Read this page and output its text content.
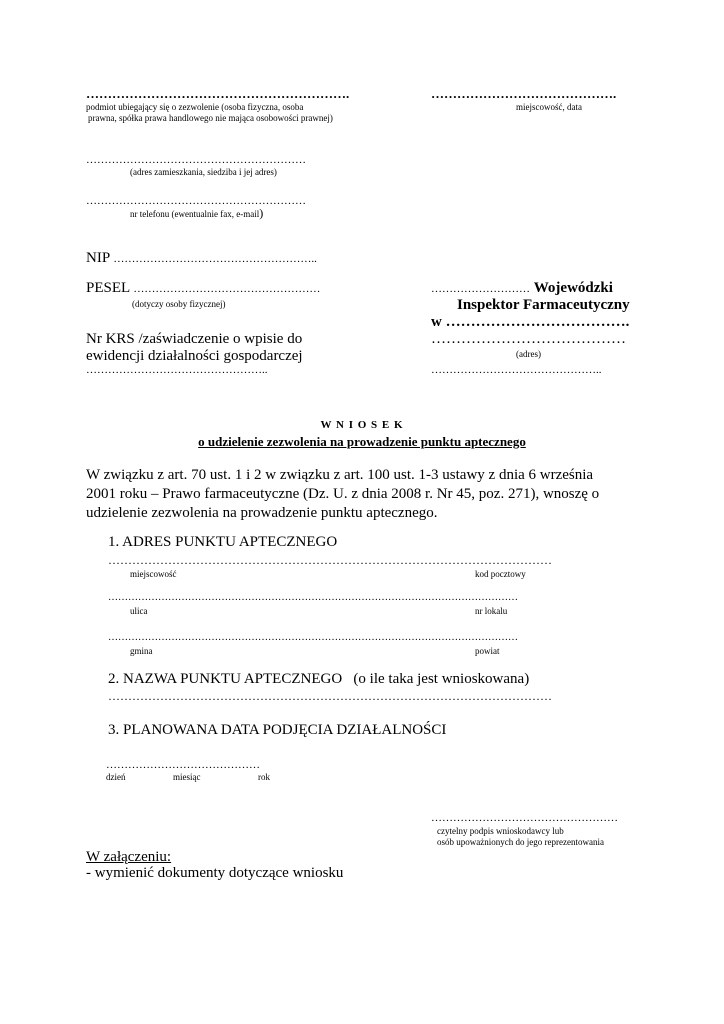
…………………………………………………….
podmiot ubiegający się o zezwolenie (osoba fizyczna, osoba
prawna, spółka prawa handlowego nie mająca osobowości prawnej)
…………………………………….
miejscowość, data
……………………………………………………
(adres zamieszkania, siedziba i jej adres)
……………………………………………………
nr telefonu (ewentualnie fax, e-mail)
NIP ………………………………………………..
PESEL ……………………………………………
(dotyczy osoby fizycznej)
Nr KRS /zaświadczenie o wpisie do
ewidencji działalności gospodarczej
…………………………………………..
……………………… Wojewódzki
Inspektor Farmaceutyczny
w ……………………………….
…………………………………
(adres)
………………………………………..
W N I O S E K
o udzielenie zezwolenia na prowadzenie punktu aptecznego
W związku z art. 70 ust. 1 i 2 w związku z art. 100 ust. 1-3 ustawy z dnia 6 września 2001 roku – Prawo farmaceutyczne (Dz. U. z dnia 2008 r. Nr 45, poz. 271), wnoszę o udzielenie zezwolenia na prowadzenie punktu aptecznego.
1. ADRES PUNKTU APTECZNEGO
…………………………………………………………………………………………………
miejscowość	kod pocztowy
……………………………………………………………………………………………………………
ulica	nr lokalu
……………………………………………………………………………………………………………
gmina	powiat
2. NAZWA PUNKTU APTECZNEGO (o ile taka jest wnioskowana)
…………………………………………………………………………………………………
3. PLANOWANA DATA PODJĘCIA DZIAŁALNOŚCI
……………………………………
dzień	miesiąc	rok
……………………………………………
czytelny podpis wnioskodawcy lub
osób upoważnionych do jego reprezentowania
W załączeniu:
- wymienić dokumenty dotyczące wniosku
